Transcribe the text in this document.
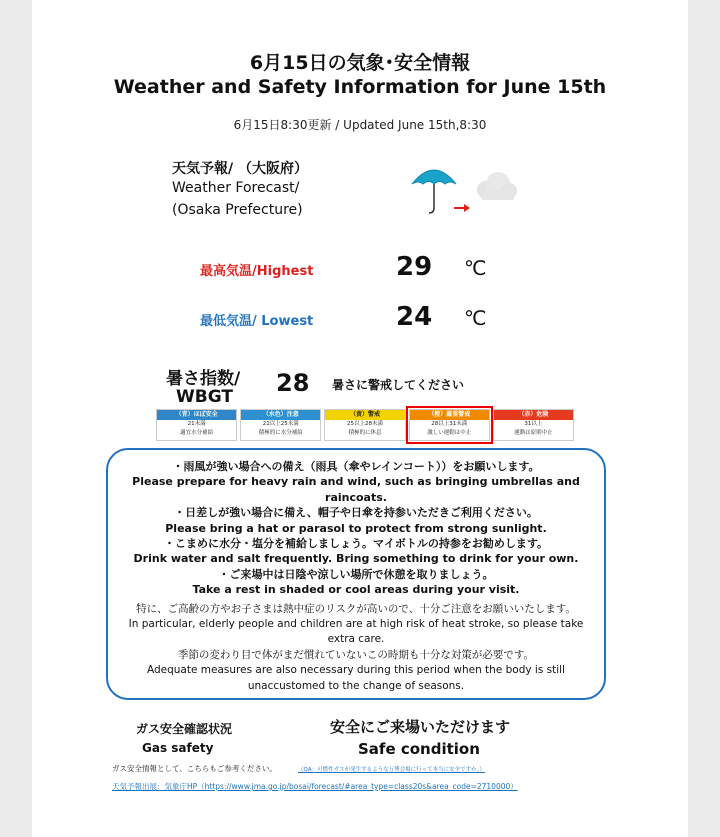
6月15日の気象･安全情報
Weather and Safety Information for June 15th
6月15日8:30更新 / Updated June 15th,8:30
天気予報/ （大阪府）
Weather Forecast/
(Osaka Prefecture)
最高気温/Highest	29 ℃
最低気温/ Lowest	24 ℃
暑さ指数/
WBGT 28 暑さに警戒してください
（青）ほぼ安全
21未満
適宜水分補給
（水色）注意
21以上25未満
積極的に水分補給
（黄）警戒
25以上28未満
積極的に休息
（橙）厳重警戒
28以上31未満
激しい運動は中止
（赤）危険
31以上
運動は原則中止

・雨風が強い場合への備え（雨具（傘やレインコート））をお願いします。

Please prepare for heavy rain and wind, such as bringing umbrellas and

raincoats.

・日差しが強い場合に備え、帽子や日傘を持参いただきご利用ください。

Please bring a hat or parasol to protect from strong sunlight.

・こまめに水分・塩分を補給しましょう。マイボトルの持参をお勧めします。

Drink water and salt frequently. Bring something to drink for your own.

・ご来場中は日陰や涼しい場所で休憩を取りましょう。

Take a rest in shaded or cool areas during your visit.

特に、ご高齢の方やお子さまは熱中症のリスクが高いので、十分ご注意をお願いいたします。

In particular, elderly people and children are at high risk of heat stroke, so please take

extra care.

季節の変わり目で体がまだ慣れていないこの時期も十分な対策が必要です。

Adequate measures are also necessary during this period when the body is still

unaccustomed to the change of seasons.

ガス安全確認状況
Gas safety
安全にご来場いただけます
Safe condition
ガス安全情報として、こちらもご参考ください。	（QA：可燃性ガスが発生するような万博会場に行って本当に安全ですか。）
天気予報出展：気象庁HP（https://www.jma.go.jp/bosai/forecast/#area_type=class20s&area_code=2710000）
